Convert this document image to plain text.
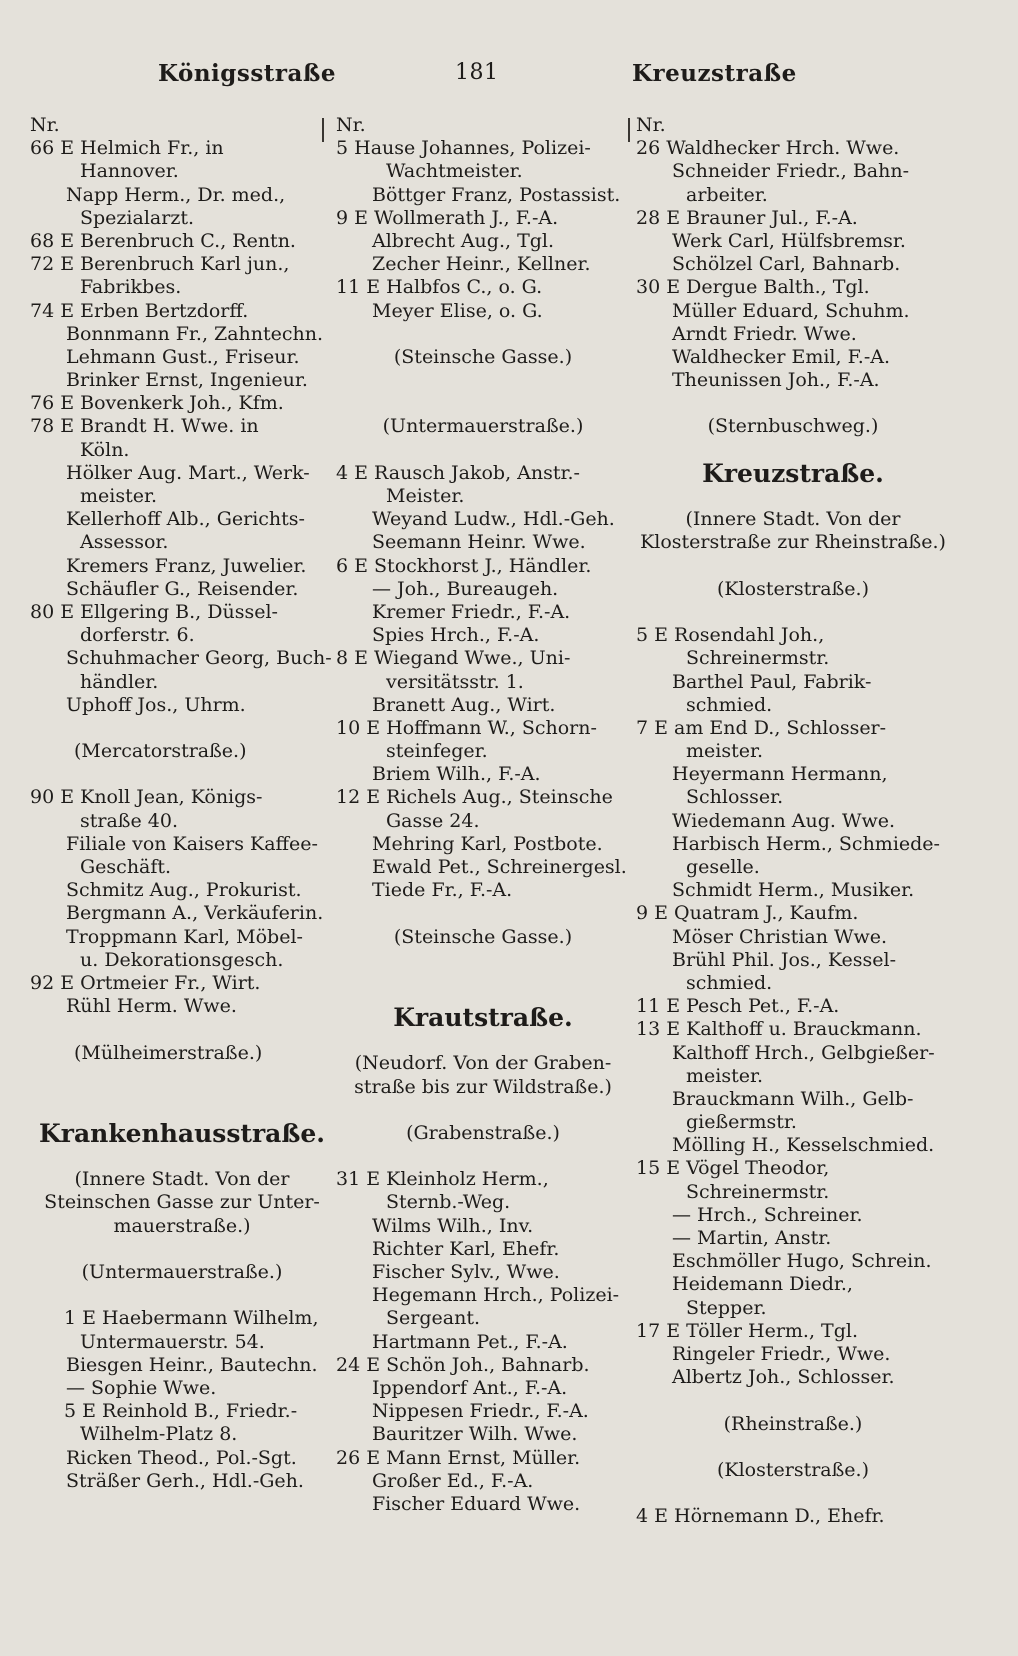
Königsstraße	181	Kreuzstraße
Nr.
66 E Helmich Fr., in
Hannover.
Napp Herm., Dr. med.,
Spezialarzt.
68 E Berenbruch C., Rentn.
72 E Berenbruch Karl jun.,
Fabrikbes.
74 E Erben Bertzdorff.
Bonnmann Fr., Zahntechn.
Lehmann Gust., Friseur.
Brinker Ernst, Ingenieur.
76 E Bovenkerk Joh., Kfm.
78 E Brandt H. Wwe. in
Köln.
Hölker Aug. Mart., Werk-
meister.
Kellerhoff Alb., Gerichts-
Assessor.
Kremers Franz, Juwelier.
Schäufler G., Reisender.
80 E Ellgering B., Düssel-
dorferstr. 6.
Schuhmacher Georg, Buch-
händler.
Uphoff Jos., Uhrm.
(Mercatorstraße.)
90 E Knoll Jean, Königs-
straße 40.
Filiale von Kaisers Kaffee-
Geschäft.
Schmitz Aug., Prokurist.
Bergmann A., Verkäuferin.
Troppmann Karl, Möbel-
u. Dekorationsgesch.
92 E Ortmeier Fr., Wirt.
Rühl Herm. Wwe.
(Mülheimerstraße.)
Krankenhausstraße.
(Innere Stadt. Von der
Steinschen Gasse zur Unter-
mauerstraße.)
(Untermauerstraße.)
1 E Haebermann Wilhelm,
Untermauerstr. 54.
Biesgen Heinr., Bautechn.
— Sophie Wwe.
5 E Reinhold B., Friedr.-
Wilhelm-Platz 8.
Ricken Theod., Pol.-Sgt.
Sträßer Gerh., Hdl.-Geh.
Nr.
5 Hause Johannes, Polizei-
Wachtmeister.
Böttger Franz, Postassist.
9 E Wollmerath J., F.-A.
Albrecht Aug., Tgl.
Zecher Heinr., Kellner.
11 E Halbfos C., o. G.
Meyer Elise, o. G.
(Steinsche Gasse.)
(Untermauerstraße.)
4 E Rausch Jakob, Anstr.-
Meister.
Weyand Ludw., Hdl.-Geh.
Seemann Heinr. Wwe.
6 E Stockhorst J., Händler.
— Joh., Bureaugeh.
Kremer Friedr., F.-A.
Spies Hrch., F.-A.
8 E Wiegand Wwe., Uni-
versitätsstr. 1.
Branett Aug., Wirt.
10 E Hoffmann W., Schorn-
steinfeger.
Briem Wilh., F.-A.
12 E Richels Aug., Steinsche
Gasse 24.
Mehring Karl, Postbote.
Ewald Pet., Schreinergesl.
Tiede Fr., F.-A.
(Steinsche Gasse.)
Krautstraße.
(Neudorf. Von der Graben-
straße bis zur Wildstraße.)
(Grabenstraße.)
31 E Kleinholz Herm.,
Sternb.-Weg.
Wilms Wilh., Inv.
Richter Karl, Ehefr.
Fischer Sylv., Wwe.
Hegemann Hrch., Polizei-
Sergeant.
Hartmann Pet., F.-A.
24 E Schön Joh., Bahnarb.
Ippendorf Ant., F.-A.
Nippesen Friedr., F.-A.
Bauritzer Wilh. Wwe.
26 E Mann Ernst, Müller.
Großer Ed., F.-A.
Fischer Eduard Wwe.
Nr.
26 Waldhecker Hrch. Wwe.
Schneider Friedr., Bahn-
arbeiter.
28 E Brauner Jul., F.-A.
Werk Carl, Hülfsbremsr.
Schölzel Carl, Bahnarb.
30 E Dergue Balth., Tgl.
Müller Eduard, Schuhm.
Arndt Friedr. Wwe.
Waldhecker Emil, F.-A.
Theunissen Joh., F.-A.
(Sternbuschweg.)
Kreuzstraße.
(Innere Stadt. Von der
Klosterstraße zur Rheinstraße.)
(Klosterstraße.)
5 E Rosendahl Joh.,
Schreinermstr.
Barthel Paul, Fabrik-
schmied.
7 E am End D., Schlosser-
meister.
Heyermann Hermann,
Schlosser.
Wiedemann Aug. Wwe.
Harbisch Herm., Schmiede-
geselle.
Schmidt Herm., Musiker.
9 E Quatram J., Kaufm.
Möser Christian Wwe.
Brühl Phil. Jos., Kessel-
schmied.
11 E Pesch Pet., F.-A.
13 E Kalthoff u. Brauckmann.
Kalthoff Hrch., Gelbgießer-
meister.
Brauckmann Wilh., Gelb-
gießermstr.
Mölling H., Kesselschmied.
15 E Vögel Theodor,
Schreinermstr.
— Hrch., Schreiner.
— Martin, Anstr.
Eschmöller Hugo, Schrein.
Heidemann Diedr.,
Stepper.
17 E Töller Herm., Tgl.
Ringeler Friedr., Wwe.
Albertz Joh., Schlosser.
(Rheinstraße.)
(Klosterstraße.)
4 E Hörnemann D., Ehefr.
